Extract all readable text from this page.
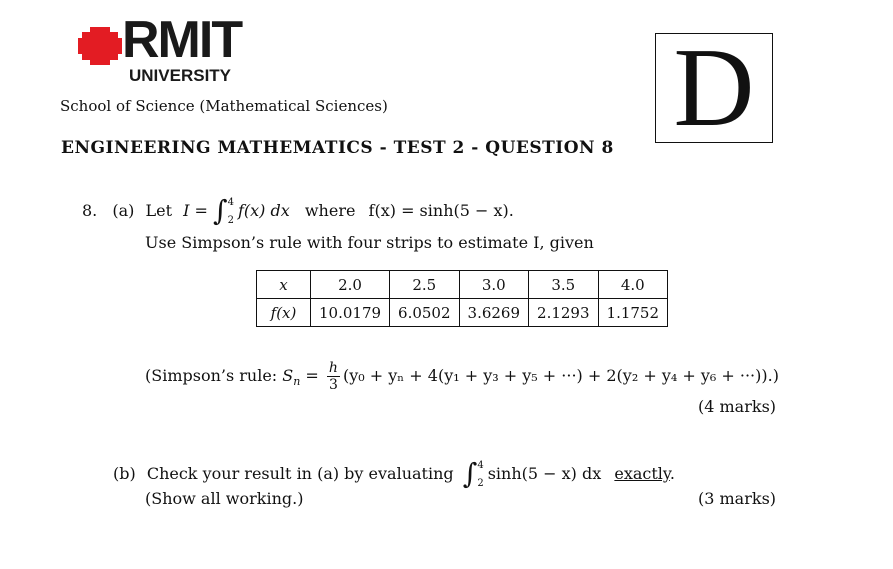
RMIT
UNIVERSITY
School of Science (Mathematical Sciences)
ENGINEERING MATHEMATICS - TEST 2 - QUESTION 8 D
8. (a) Let I = ∫ 4
2 f(x) dx where f(x) = sinh(5 − x).
Use Simpson’s rule with four strips to estimate I, given
x	2.0	2.5	3.0	3.5	4.0
f(x)	10.0179	6.0502	3.6269	2.1293	1.1752
(Simpson’s rule: $S_n = \frac{h}{3} (y_0 + y_n + 4(y_1 + y_3 + y_5$ + ···) + 2(y₂ + y₄ + y₆ + ···)).)
(4 marks)
(b) Check your result in (a) by evaluating ∫ 4
2 sinh(5 − x) dx exactly.
(Show all working.)	(3 marks)
